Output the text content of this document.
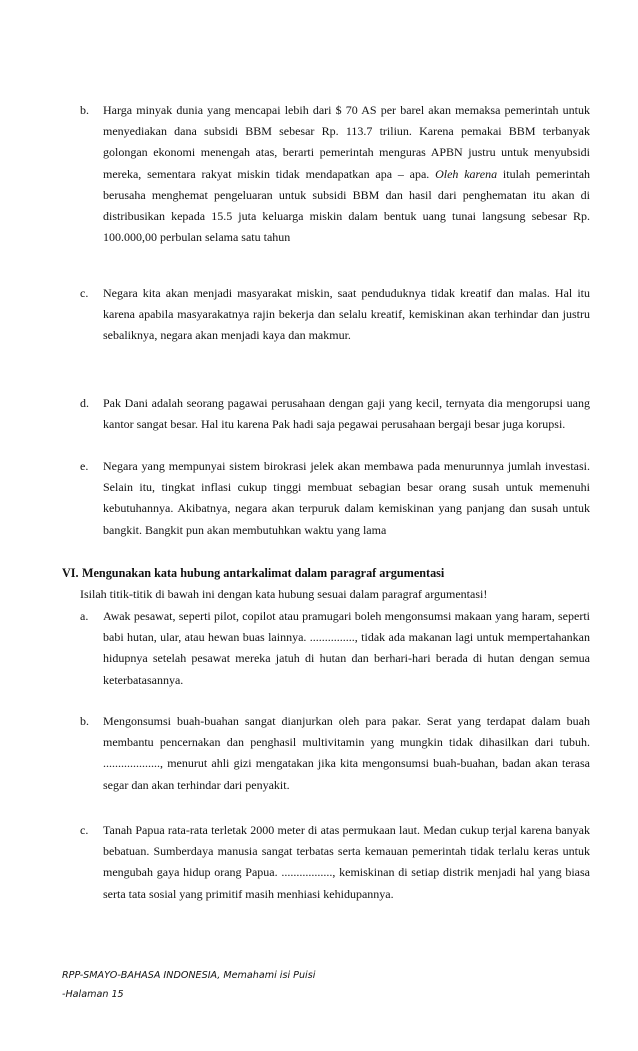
b.	Harga minyak dunia yang mencapai lebih dari $ 70 AS per barel akan memaksa pemerintah untuk menyediakan dana subsidi BBM sebesar Rp. 113.7 triliun. Karena pemakai BBM terbanyak golongan ekonomi menengah atas, berarti pemerintah menguras APBN justru untuk menyubsidi mereka, sementara rakyat miskin tidak mendapatkan apa – apa. Oleh karena itulah pemerintah berusaha menghemat pengeluaran untuk subsidi BBM dan hasil dari penghematan itu akan di distribusikan kepada 15.5 juta keluarga miskin dalam bentuk uang tunai langsung sebesar Rp. 100.000,00 perbulan selama satu tahun
c.	Negara kita akan menjadi masyarakat miskin, saat penduduknya tidak kreatif dan malas. Hal itu karena apabila masyarakatnya rajin bekerja dan selalu kreatif, kemiskinan akan terhindar dan justru sebaliknya, negara akan menjadi kaya dan makmur.
d.	Pak Dani adalah seorang pagawai perusahaan dengan gaji yang kecil, ternyata dia mengorupsi uang kantor sangat besar. Hal itu karena Pak hadi saja pegawai perusahaan bergaji besar juga korupsi.
e.	Negara yang mempunyai sistem birokrasi jelek akan membawa pada menurunnya jumlah investasi. Selain itu, tingkat inflasi cukup tinggi membuat sebagian besar orang susah untuk memenuhi kebutuhannya. Akibatnya, negara akan terpuruk dalam kemiskinan yang panjang dan susah untuk bangkit. Bangkit pun akan membutuhkan waktu yang lama
VI. Mengunakan kata hubung antarkalimat dalam paragraf argumentasi
Isilah titik-titik di bawah ini dengan kata hubung sesuai dalam paragraf argumentasi!
a.	Awak pesawat, seperti pilot, copilot atau pramugari boleh mengonsumsi makaan yang haram, seperti babi hutan, ular, atau hewan buas lainnya. ..............., tidak ada makanan lagi untuk mempertahankan hidupnya setelah pesawat mereka jatuh di hutan dan berhari-hari berada di hutan dengan semua keterbatasannya.
b.	Mengonsumsi buah-buahan sangat dianjurkan oleh para pakar. Serat yang terdapat dalam buah membantu pencernakan dan penghasil multivitamin yang mungkin tidak dihasilkan dari tubuh. ..................., menurut ahli gizi mengatakan jika kita mengonsumsi buah-buahan, badan akan terasa segar dan akan terhindar dari penyakit.
c.	Tanah Papua rata-rata terletak 2000 meter di atas permukaan laut. Medan cukup terjal karena banyak bebatuan. Sumberdaya manusia sangat terbatas serta kemauan pemerintah tidak terlalu keras untuk mengubah gaya hidup orang Papua. ................., kemiskinan di setiap distrik menjadi hal yang biasa serta tata sosial yang primitif masih menhiasi kehidupannya.
RPP-SMAYO-BAHASA INDONESIA, Memahami isi Puisi
-Halaman 15
